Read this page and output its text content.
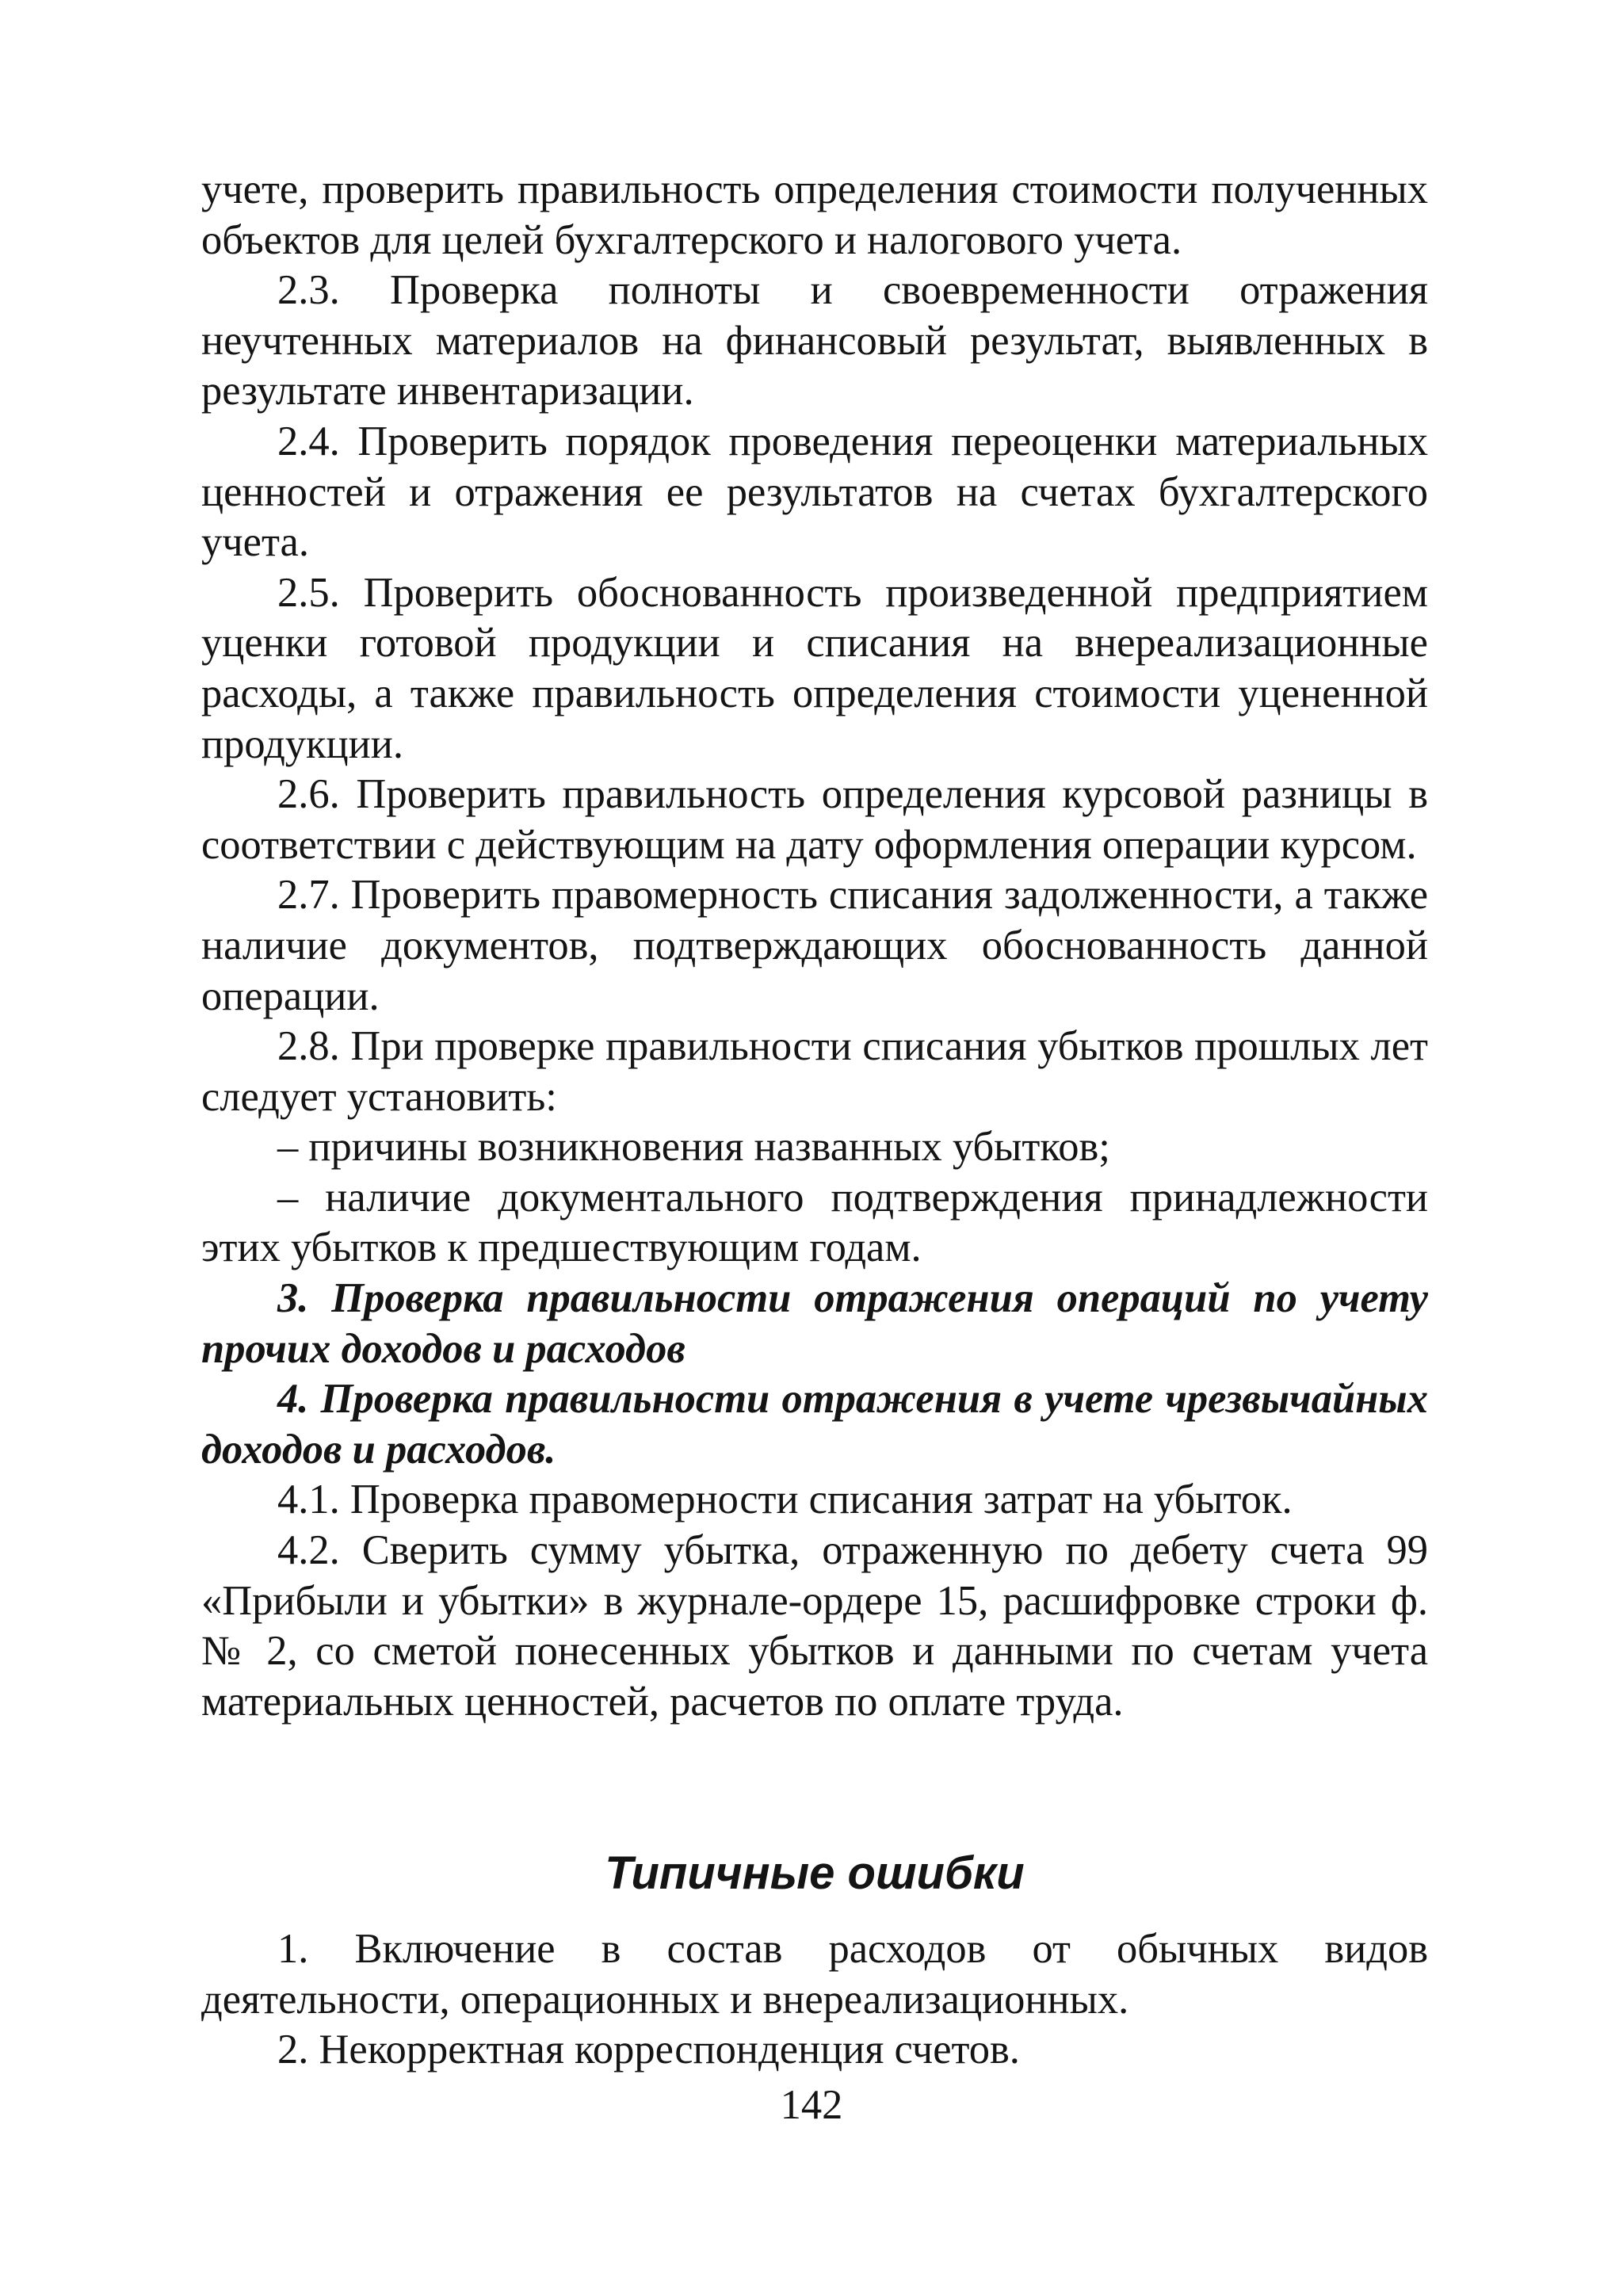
учете, проверить правильность определения стоимости полученных объектов для целей бухгалтерского и налогового учета.

2.3. Проверка полноты и своевременности отражения неучтенных материалов на финансовый результат, выявленных в результате инвентаризации.

2.4. Проверить порядок проведения переоценки материальных ценностей и отражения ее результатов на счетах бухгалтерского учета.

2.5. Проверить обоснованность произведенной предприятием уценки готовой продукции и списания на внереализационные расходы, а также правильность определения стоимости уцененной продукции.

2.6. Проверить правильность определения курсовой разницы в соответствии с действующим на дату оформления операции курсом.

2.7. Проверить правомерность списания задолженности, а также наличие документов, подтверждающих обоснованность данной операции.

2.8. При проверке правильности списания убытков прошлых лет следует установить:

– причины возникновения названных убытков;

– наличие документального подтверждения принадлежности этих убытков к предшествующим годам.

3. Проверка правильности отражения операций по учету прочих доходов и расходов

4. Проверка правильности отражения в учете чрезвычайных доходов и расходов.

4.1. Проверка правомерности списания затрат на убыток.

4.2. Сверить сумму убытка, отраженную по дебету счета 99 «Прибыли и убытки» в журнале-ордере 15, расшифровке строки ф. № 2, со сметой понесенных убытков и данными по счетам учета материальных ценностей, расчетов по оплате труда.

Типичные ошибки

1. Включение в состав расходов от обычных видов деятельности, операционных и внереализационных.

2. Некорректная корреспонденция счетов.

142
